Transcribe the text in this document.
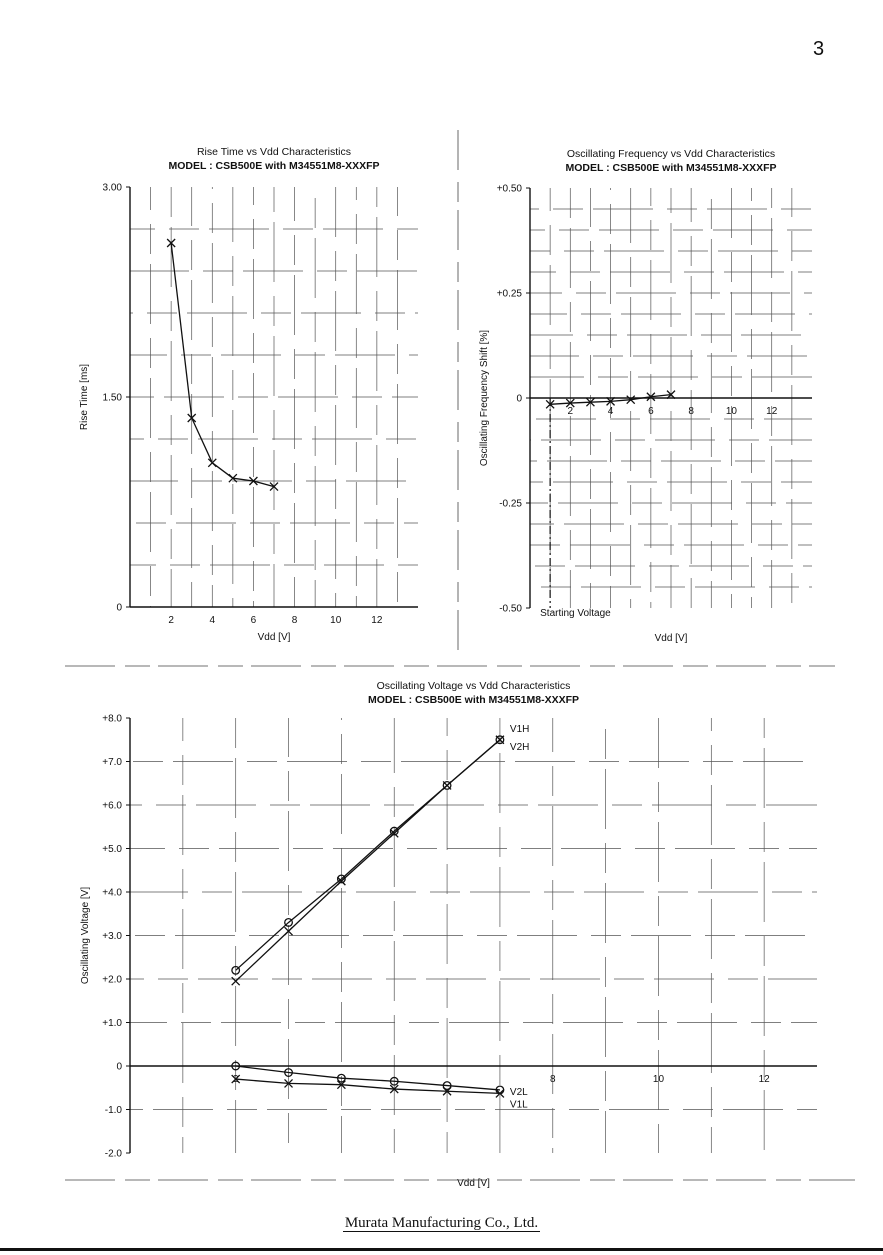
3
Rise Time vs Vdd Characteristics
MODEL : CSB500E with M34551M8-XXXFP
0
1.50
3.00
2	4	6	8	10	12
Vdd [V]
Rise Time [ms]
Oscillating Frequency vs Vdd Characteristics
MODEL : CSB500E with M34551M8-XXXFP
+0.50
+0.25
0
-0.25
-0.50
2	4	6	8	10	12
Vdd [V]
Oscillating Frequency Shift [%]
Starting Voltage
Oscillating Voltage vs Vdd Characteristics
MODEL : CSB500E with M34551M8-XXXFP
+8.0
+7.0
+6.0
+5.0
+4.0
+3.0
+2.0
+1.0
0
-1.0
-2.0
2	8	10	12
Vdd [V]
Oscillating Voltage [V]
V1H
V2H
V2L
V1L
Murata Manufacturing Co., Ltd.
